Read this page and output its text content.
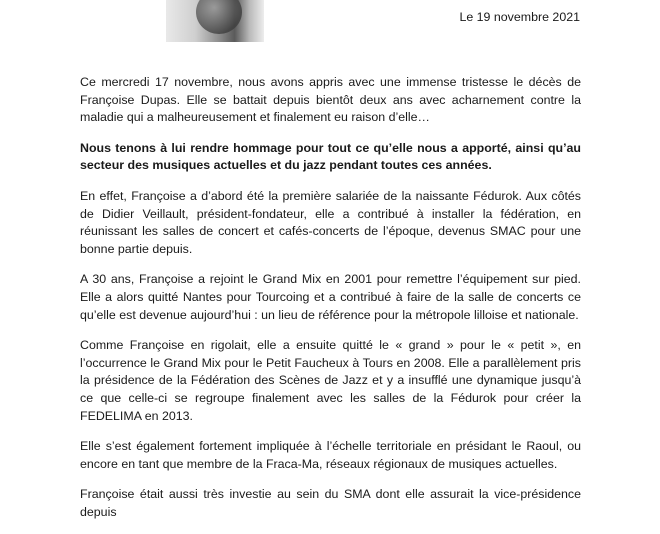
Le 19 novembre 2021

Ce mercredi 17 novembre, nous avons appris avec une immense tristesse le décès de Françoise Dupas. Elle se battait depuis bientôt deux ans avec acharnement contre la maladie qui a malheureusement et finalement eu raison d’elle…

Nous tenons à lui rendre hommage pour tout ce qu’elle nous a apporté, ainsi qu’au secteur des musiques actuelles et du jazz pendant toutes ces années.

En effet, Françoise a d’abord été la première salariée de la naissante Fédurok. Aux côtés de Didier Veillault, président-fondateur, elle a contribué à installer la fédération, en réunissant les salles de concert et cafés-concerts de l’époque, devenus SMAC pour une bonne partie depuis.

A 30 ans, Françoise a rejoint le Grand Mix en 2001 pour remettre l’équipement sur pied. Elle a alors quitté Nantes pour Tourcoing et a contribué à faire de la salle de concerts ce qu’elle est devenue aujourd’hui : un lieu de référence pour la métropole lilloise et nationale.

Comme Françoise en rigolait, elle a ensuite quitté le « grand » pour le « petit », en l’occurrence le Grand Mix pour le Petit Faucheux à Tours en 2008. Elle a parallèlement pris la présidence de la Fédération des Scènes de Jazz et y a insufflé une dynamique jusqu’à ce que celle-ci se regroupe finalement avec les salles de la Fédurok pour créer la FEDELIMA en 2013.

Elle s’est également fortement impliquée à l’échelle territoriale en présidant le Raoul, ou encore en tant que membre de la Fraca-Ma, réseaux régionaux de musiques actuelles.

Françoise était aussi très investie au sein du SMA dont elle assurait la vice-présidence depuis
